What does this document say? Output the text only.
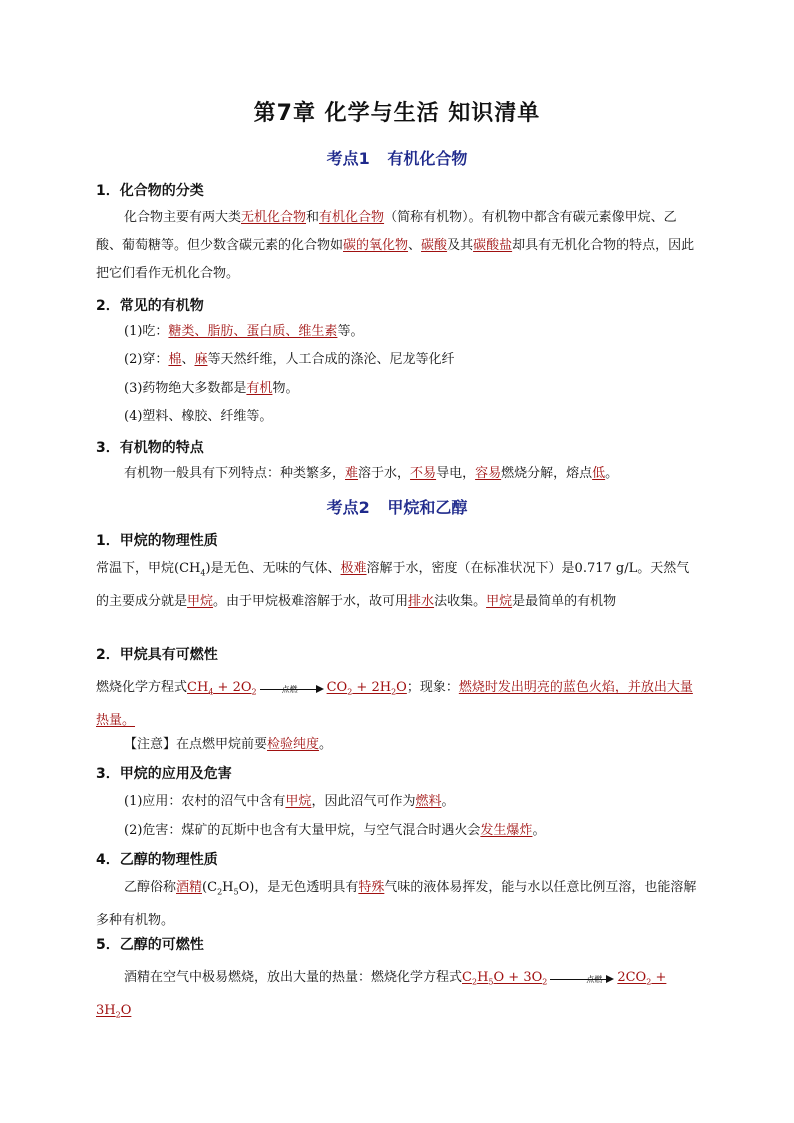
第7章 化学与生活 知识清单
考点1 有机化合物
1．化合物的分类
化合物主要有两大类无机化合物和有机化合物（简称有机物）。有机物中都含有碳元素像甲烷、乙酸、葡萄糖等。但少数含碳元素的化合物如碳的氧化物、碳酸及其碳酸盐却具有无机化合物的特点，因此把它们看作无机化合物。
2．常见的有机物
(1)吃：糖类、脂肪、蛋白质、维生素等。
(2)穿：棉、麻等天然纤维，人工合成的涤沦、尼龙等化纤
(3)药物绝大多数都是有机物。
(4)塑料、橡胶、纤维等。
3．有机物的特点
有机物一般具有下列特点：种类繁多，难溶于水，不易导电，容易燃烧分解，熔点低。
考点2 甲烷和乙醇
1．甲烷的物理性质
常温下，甲烷$(CH_4)$是无色、无味的气体、极难溶解于水，密度（在标准状况下）是0.717 g/L。天然气的主要成分就是甲烷。由于甲烷极难溶解于水，故可用排水法收集。甲烷是最简单的有机物
2．甲烷具有可燃性
燃烧化学方程式$CH_4 + 2O_2$	$CO_2 + 2H_2O$；现象：燃烧时发出明亮的蓝色火焰，并放出大量热量。
【注意】在点燃甲烷前要检验纯度。
3．甲烷的应用及危害
(1)应用：农村的沼气中含有甲烷，因此沼气可作为燃料。
(2)危害：煤矿的瓦斯中也含有大量甲烷，与空气混合时遇火会发生爆炸。
4．乙醇的物理性质
乙醇俗称酒精$(C_2H_5O)$，是无色透明具有特殊气味的液体易挥发，能与水以任意比例互溶，也能溶解多种有机物。
5．乙醇的可燃性
酒精在空气中极易燃烧，放出大量的热量：燃烧化学方程式$C_2H_5O + 3O_2$	$2CO_2 + 3H_2O$
